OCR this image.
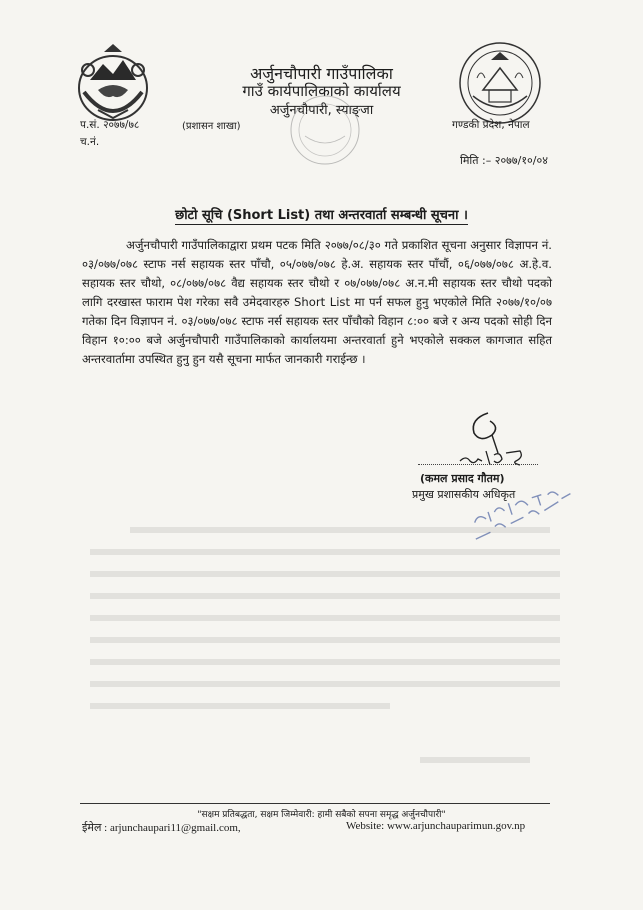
अर्जुनचौपारी गाउँपालिका
गाउँ कार्यपालिकाको कार्यालय
अर्जुनचौपारी, स्याङ्जा
प.सं. २०७७/७८	(प्रशासन शाखा)
च.नं.
गण्डकी प्रदेश, नेपाल
मिति :– २०७७/१०/०४
छोटो सूचि (Short List) तथा अन्तरवार्ता सम्बन्धी सूचना ।

अर्जुनचौपारी गाउँपालिकाद्वारा प्रथम पटक मिति २०७७/०८/३० गते प्रकाशित सूचना अनुसार विज्ञापन नं. ०३/०७७/०७८ स्टाफ नर्स सहायक स्तर पाँचौ, ०५/०७७/०७८ हे.अ. सहायक स्तर पाँचौं, ०६/०७७/०७८ अ.हे.व. सहायक स्तर चौथो, ०८/०७७/०७८ वैद्य सहायक स्तर चौथो र ०७/०७७/०७८ अ.न.मी सहायक स्तर चौथो पदको लागि दरखास्त फाराम पेश गरेका सवै उमेदवारहरु Short List मा पर्न सफल हुनु भएकोले मिति २०७७/१०/०७ गतेका दिन विज्ञापन नं. ०३/०७७/०७८ स्टाफ नर्स सहायक स्तर पाँचौको विहान ८:०० बजे र अन्य पदको सोही दिन विहान १०:०० बजे अर्जुनचौपारी गाउँपालिकाको कार्यालयमा अन्तरवार्ता हुने भएकोले सक्कल कागजात सहित अन्तरवार्तामा उपस्थित हुनु हुन यसै सूचना मार्फत जानकारी गराईन्छ ।

(कमल प्रसाद गौतम)
प्रमुख प्रशासकीय अधिकृत
"सक्षम प्रतिबद्धता, सक्षम जिम्मेवारी: हामी सबैको सपना समृद्ध अर्जुनचौपारी"
ईमेल : arjunchaupari11@gmail.com,	Website: www.arjunchauparimun.gov.np
